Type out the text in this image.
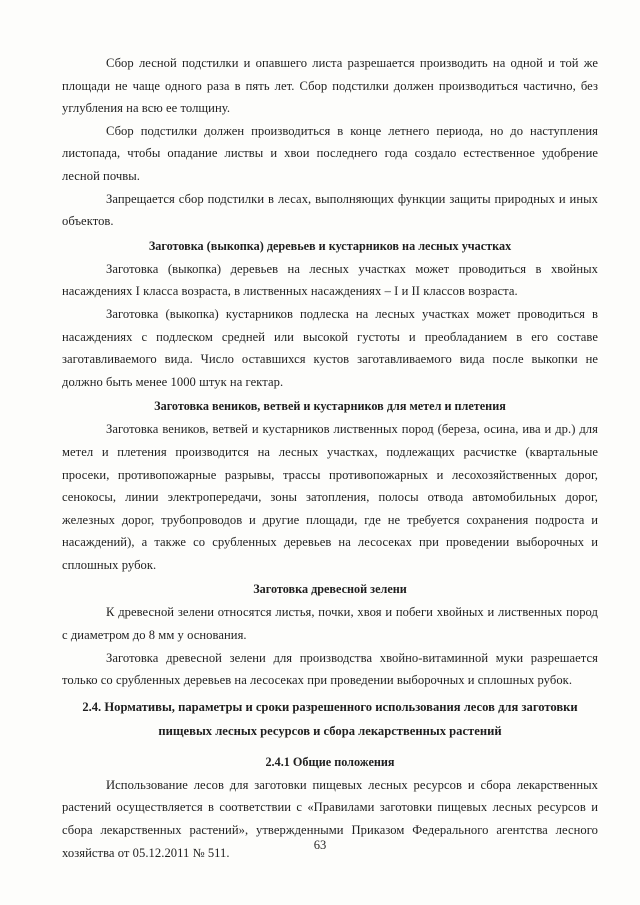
Сбор лесной подстилки и опавшего листа разрешается производить на одной и той же площади не чаще одного раза в пять лет. Сбор подстилки должен производиться частично, без углубления на всю ее толщину.

Сбор подстилки должен производиться в конце летнего периода, но до наступления листопада, чтобы опадание листвы и хвои последнего года создало естественное удобрение лесной почвы.

Запрещается сбор подстилки в лесах, выполняющих функции защиты природных и иных объектов.

Заготовка (выкопка) деревьев и кустарников на лесных участках

Заготовка (выкопка) деревьев на лесных участках может проводиться в хвойных насаждениях I класса возраста, в лиственных насаждениях – I и II классов возраста.

Заготовка (выкопка) кустарников подлеска на лесных участках может проводиться в насаждениях с подлеском средней или высокой густоты и преобладанием в его составе заготавливаемого вида. Число оставшихся кустов заготавливаемого вида после выкопки не должно быть менее 1000 штук на гектар.

Заготовка веников, ветвей и кустарников для метел и плетения

Заготовка веников, ветвей и кустарников лиственных пород (береза, осина, ива и др.) для метел и плетения производится на лесных участках, подлежащих расчистке (квартальные просеки, противопожарные разрывы, трассы противопожарных и лесохозяйственных дорог, сенокосы, линии электропередачи, зоны затопления, полосы отвода автомобильных дорог, железных дорог, трубопроводов и другие площади, где не требуется сохранения подроста и насаждений), а также со срубленных деревьев на лесосеках при проведении выборочных и сплошных рубок.

Заготовка древесной зелени

К древесной зелени относятся листья, почки, хвоя и побеги хвойных и лиственных пород с диаметром до 8 мм у основания.

Заготовка древесной зелени для производства хвойно-витаминной муки разрешается только со срубленных деревьев на лесосеках при проведении выборочных и сплошных рубок.

2.4. Нормативы, параметры и сроки разрешенного использования лесов для заготовки
пищевых лесных ресурсов и сбора лекарственных растений
2.4.1 Общие положения

Использование лесов для заготовки пищевых лесных ресурсов и сбора лекарственных растений осуществляется в соответствии с «Правилами заготовки пищевых лесных ресурсов и сбора лекарственных растений», утвержденными Приказом Федерального агентства лесного хозяйства от 05.12.2011 № 511.

63
